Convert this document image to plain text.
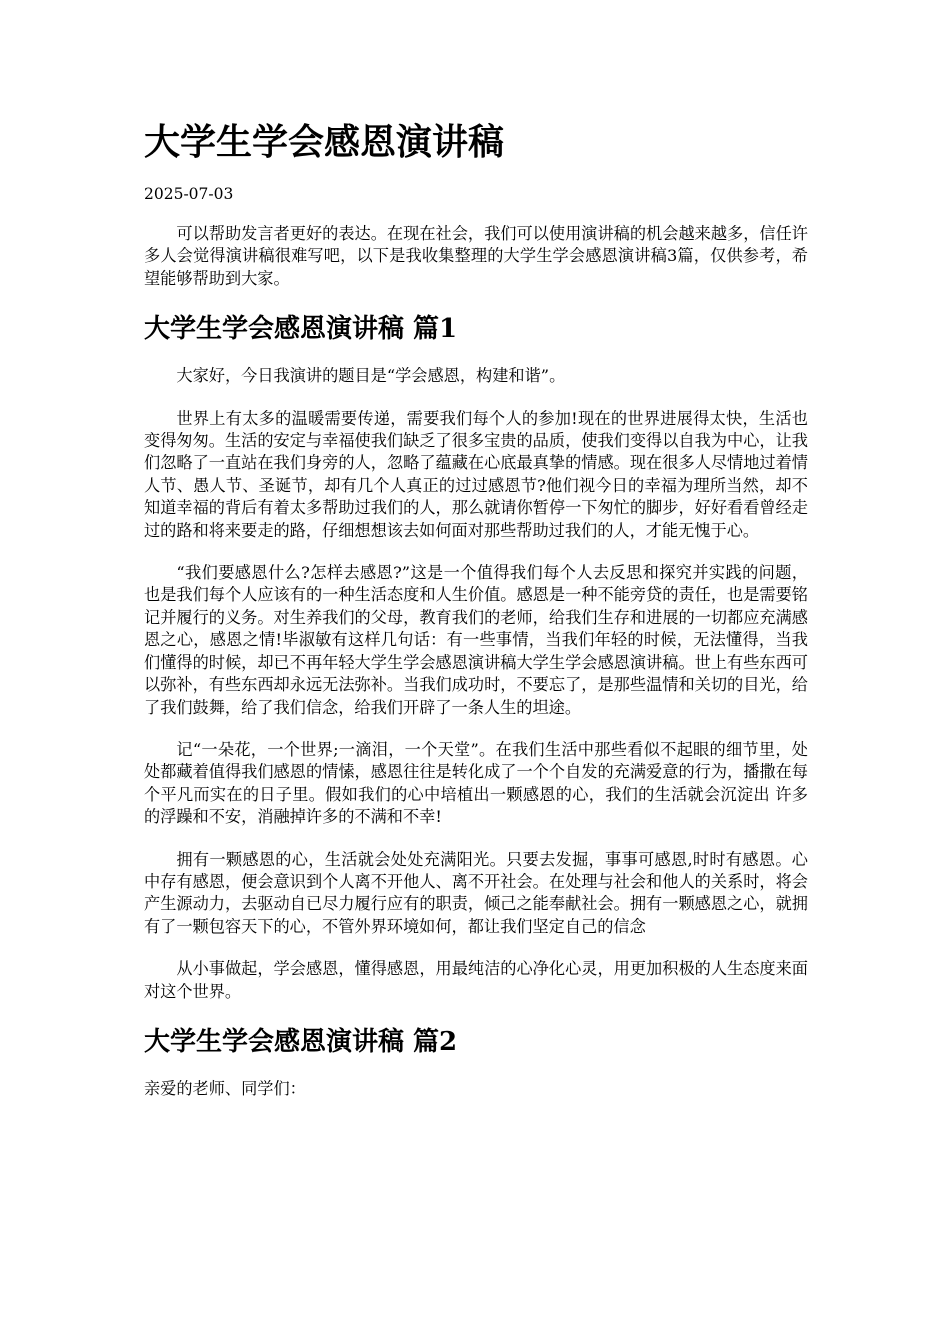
大学生学会感恩演讲稿
2025-07-03

可以帮助发言者更好的表达。在现在社会，我们可以使用演讲稿的机会越来越多，信任许多人会觉得演讲稿很难写吧，以下是我收集整理的大学生学会感恩演讲稿3篇，仅供参考，希望能够帮助到大家。

大学生学会感恩演讲稿 篇1

大家好，今日我演讲的题目是“学会感恩，构建和谐”。

世界上有太多的温暖需要传递，需要我们每个人的参加!现在的世界进展得太快，生活也变得匆匆。生活的安定与幸福使我们缺乏了很多宝贵的品质，使我们变得以自我为中心，让我们忽略了一直站在我们身旁的人，忽略了蕴藏在心底最真挚的情感。现在很多人尽情地过着情人节、愚人节、圣诞节，却有几个人真正的过过感恩节?他们视今日的幸福为理所当然，却不知道幸福的背后有着太多帮助过我们的人，那么就请你暂停一下匆忙的脚步，好好看看曾经走过的路和将来要走的路，仔细想想该去如何面对那些帮助过我们的人，才能无愧于心。

“我们要感恩什么?怎样去感恩?”这是一个值得我们每个人去反思和探究并实践的问题，也是我们每个人应该有的一种生活态度和人生价值。感恩是一种不能旁贷的责任，也是需要铭记并履行的义务。对生养我们的父母，教育我们的老师，给我们生存和进展的一切都应充满感恩之心，感恩之情!毕淑敏有这样几句话：有一些事情，当我们年轻的时候，无法懂得，当我们懂得的时候，却已不再年轻大学生学会感恩演讲稿大学生学会感恩演讲稿。世上有些东西可以弥补，有些东西却永远无法弥补。当我们成功时，不要忘了，是那些温情和关切的目光，给了我们鼓舞，给了我们信念，给我们开辟了一条人生的坦途。

记“一朵花，一个世界;一滴泪，一个天堂”。在我们生活中那些看似不起眼的细节里，处处都藏着值得我们感恩的情愫，感恩往往是转化成了一个个自发的充满爱意的行为，播撒在每个平凡而实在的日子里。假如我们的心中培植出一颗感恩的心，我们的生活就会沉淀出 许多的浮躁和不安，消融掉许多的不满和不幸!

拥有一颗感恩的心，生活就会处处充满阳光。只要去发掘，事事可感恩,时时有感恩。心中存有感恩，便会意识到个人离不开他人、离不开社会。在处理与社会和他人的关系时，将会产生源动力，去驱动自已尽力履行应有的职责，倾己之能奉献社会。拥有一颗感恩之心，就拥有了一颗包容天下的心，不管外界环境如何，都让我们坚定自己的信念

从小事做起，学会感恩，懂得感恩，用最纯洁的心净化心灵，用更加积极的人生态度来面对这个世界。

大学生学会感恩演讲稿 篇2

亲爱的老师、同学们：
